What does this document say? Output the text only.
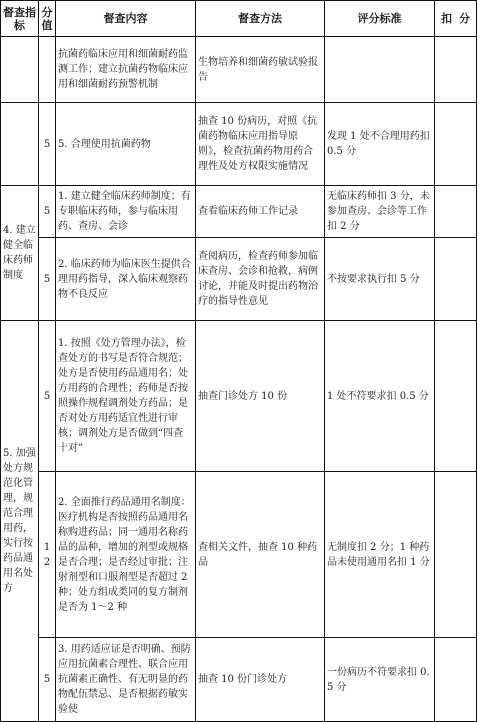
督查指标	分值	督查内容	督查方法	评分标准	扣 分

		抗菌药临床应用和细菌耐药监测工作；建立抗菌药物临床应用和细菌耐药预警机制	生物培养和细菌药敏试验报告		
	5	5. 合理使用抗菌药物	抽查 10 份病历，对照《抗菌药物临床应用指导原则》，检查抗菌药物用药合理性及处方权限实施情况	发现 1 处不合理用药扣 0.5 分	
4. 建立健全临床药师制度	5	1. 建立健全临床药师制度；有专职临床药师，参与临床用药、查房、会诊	查看临床药师工作记录	无临床药师扣 3 分，未参加查房、会诊等工作扣 2 分	
	5	2. 临床药师为临床医生提供合理用药指导，深入临床观察药物不良反应	查阅病历，检查药师参加临床查房、会诊和抢救，病例讨论，并能及时提出药物治疗的指导性意见	不按要求执行扣 5 分	
5. 加强处方规范化管理，规范合理用药，实行按药品通用名处方	5	1. 按照《处方管理办法》，检查处方的书写是否符合规范；处方是否使用药品通用名；处方用药的合理性；药师是否按照操作规程调剂处方药品；是否对处方用药适宜性进行审核；调剂处方是否做到“四查十对”	抽查门诊处方 10 份	1 处不符要求扣 0.5 分	
	12	2. 全面推行药品通用名制度：医疗机构是否按照药品通用名称购进药品；同一通用名称药品的品种，增加的剂型或规格是否合理；是否经过审批；注射剂型和口服剂型是否超过 2 种；处方组成类同的复方制剂是否为 1～2 种	查相关文件，抽查 10 种药品	无制度扣 2 分；1 种药品未使用通用名扣 1 分	
	5	3. 用药适应证是否明确、预防应用抗菌素合理性、联合应用抗菌素正确性、有无明显的药物配伍禁忌、是否根据药敏实验使	抽查 10 份门诊处方	一份病历不符要求扣 0.5 分	
